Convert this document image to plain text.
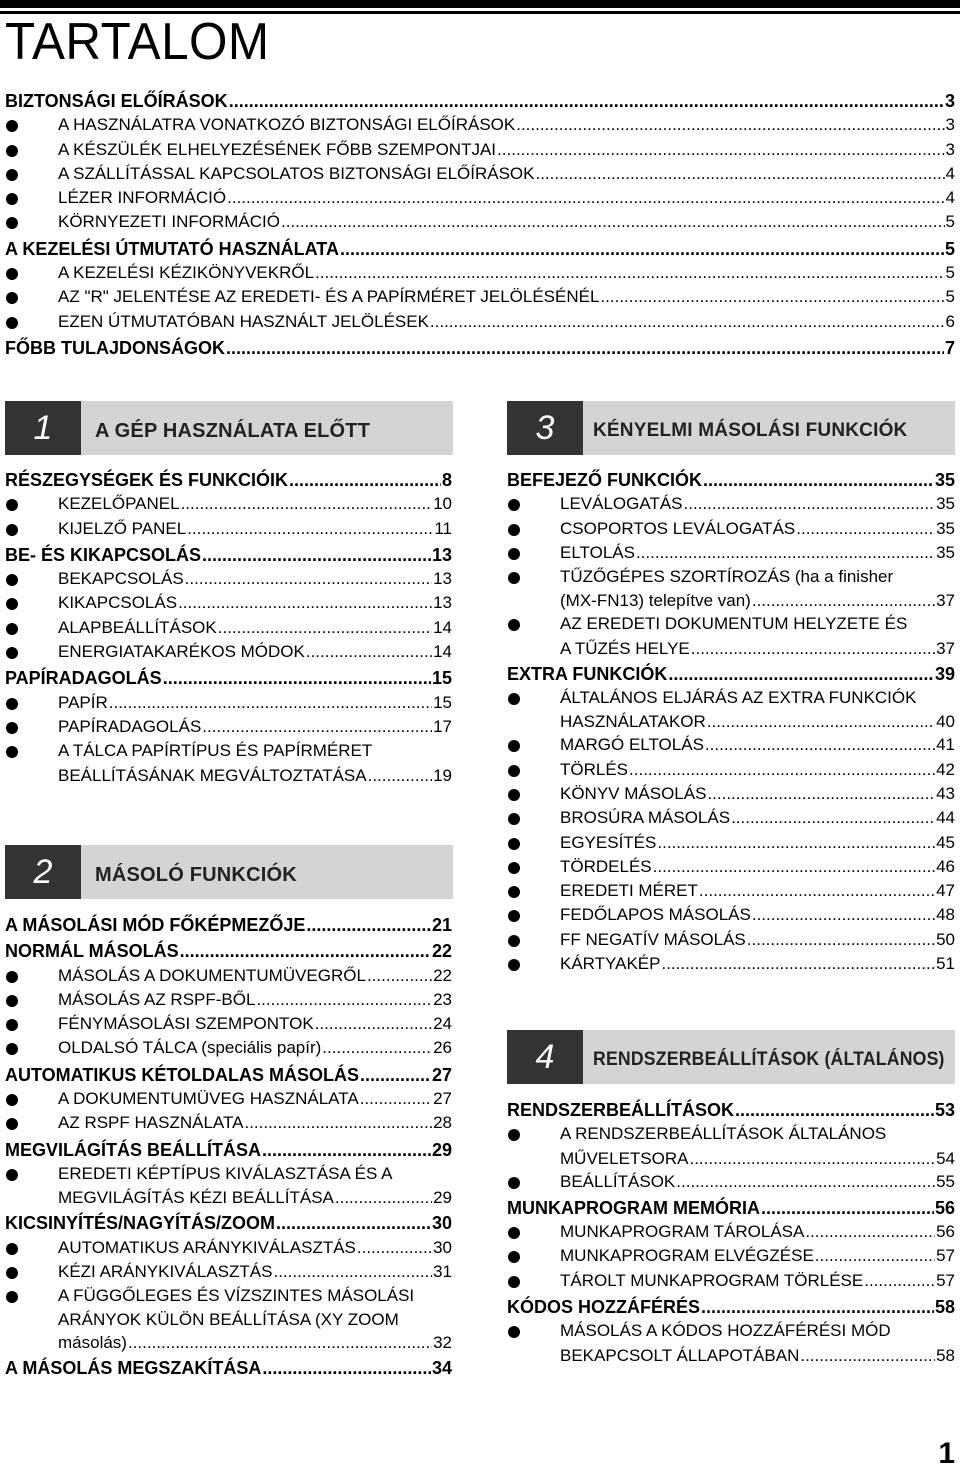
TARTALOM
BIZTONSÁGI ELŐÍRÁSOK .....	3
A HASZNÁLATRA VONATKOZÓ BIZTONSÁGI ELŐÍRÁSOK .....	3
A KÉSZÜLÉK ELHELYEZÉSÉNEK FŐBB SZEMPONTJAI .....	3
A SZÁLLÍTÁSSAL KAPCSOLATOS BIZTONSÁGI ELŐÍRÁSOK .....	4
LÉZER INFORMÁCIÓ .....	4
KÖRNYEZETI INFORMÁCIÓ .....	5
A KEZELÉSI ÚTMUTATÓ HASZNÁLATA .....	5
A KEZELÉSI KÉZIKÖNYVEKRŐL .....	5
AZ "R" JELENTÉSE AZ EREDETI- ÉS A PAPÍRMÉRET JELÖLÉSÉNÉL .....	5
EZEN ÚTMUTATÓBAN HASZNÁLT JELÖLÉSEK .....	6
FŐBB TULAJDONSÁGOK .....	7
1	A GÉP HASZNÁLATA ELŐTT
RÉSZEGYSÉGEK ÉS FUNKCIÓIK .....	8
KEZELŐPANEL .....	10
KIJELZŐ PANEL .....	11
BE- ÉS KIKAPCSOLÁS .....	13
BEKAPCSOLÁS .....	13
KIKAPCSOLÁS .....	13
ALAPBEÁLLÍTÁSOK .....	14
ENERGIATAKARÉKOS MÓDOK .....	14
PAPÍRADAGOLÁS .....	15
PAPÍR .....	15
PAPÍRADAGOLÁS .....	17
A TÁLCA PAPÍRTÍPUS ÉS PAPÍRMÉRET
BEÁLLÍTÁSÁNAK MEGVÁLTOZTATÁSA .....	19
2	MÁSOLÓ FUNKCIÓK
A MÁSOLÁSI MÓD FŐKÉPMEZŐJE .....	21
NORMÁL MÁSOLÁS .....	22
MÁSOLÁS A DOKUMENTUMÜVEGRŐL .....	22
MÁSOLÁS AZ RSPF-BŐL .....	23
FÉNYMÁSOLÁSI SZEMPONTOK .....	24
OLDALSÓ TÁLCA (speciális papír) .....	26
AUTOMATIKUS KÉTOLDALAS MÁSOLÁS .....	27
A DOKUMENTUMÜVEG HASZNÁLATA .....	27
AZ RSPF HASZNÁLATA .....	28
MEGVILÁGÍTÁS BEÁLLÍTÁSA .....	29
EREDETI KÉPTÍPUS KIVÁLASZTÁSA ÉS A
MEGVILÁGÍTÁS KÉZI BEÁLLÍTÁSA .....	29
KICSINYÍTÉS/NAGYÍTÁS/ZOOM .....	30
AUTOMATIKUS ARÁNYKIVÁLASZTÁS .....	30
KÉZI ARÁNYKIVÁLASZTÁS .....	31
A FÜGGŐLEGES ÉS VÍZSZINTES MÁSOLÁSI
ARÁNYOK KÜLÖN BEÁLLÍTÁSA (XY ZOOM
másolás) .....	32
A MÁSOLÁS MEGSZAKÍTÁSA .....	34
3	KÉNYELMI MÁSOLÁSI FUNKCIÓK
BEFEJEZŐ FUNKCIÓK .....	35
LEVÁLOGATÁS .....	35
CSOPORTOS LEVÁLOGATÁS .....	35
ELTOLÁS .....	35
TŰZŐGÉPES SZORTÍROZÁS (ha a finisher
(MX-FN13) telepítve van) .....	37
AZ EREDETI DOKUMENTUM HELYZETE ÉS
A TŰZÉS HELYE .....	37
EXTRA FUNKCIÓK .....	39
ÁLTALÁNOS ELJÁRÁS AZ EXTRA FUNKCIÓK
HASZNÁLATAKOR .....	40
MARGÓ ELTOLÁS .....	41
TÖRLÉS .....	42
KÖNYV MÁSOLÁS .....	43
BROSÚRA MÁSOLÁS .....	44
EGYESÍTÉS .....	45
TÖRDELÉS .....	46
EREDETI MÉRET .....	47
FEDŐLAPOS MÁSOLÁS .....	48
FF NEGATÍV MÁSOLÁS .....	50
KÁRTYAKÉP .....	51
4	RENDSZERBEÁLLÍTÁSOK (ÁLTALÁNOS)
RENDSZERBEÁLLÍTÁSOK .....	53
A RENDSZERBEÁLLÍTÁSOK ÁLTALÁNOS
MŰVELETSORA .....	54
BEÁLLÍTÁSOK .....	55
MUNKAPROGRAM MEMÓRIA .....	56
MUNKAPROGRAM TÁROLÁSA .....	56
MUNKAPROGRAM ELVÉGZÉSE .....	57
TÁROLT MUNKAPROGRAM TÖRLÉSE .....	57
KÓDOS HOZZÁFÉRÉS .....	58
MÁSOLÁS A KÓDOS HOZZÁFÉRÉSI MÓD
BEKAPCSOLT ÁLLAPOTÁBAN .....	58
1
